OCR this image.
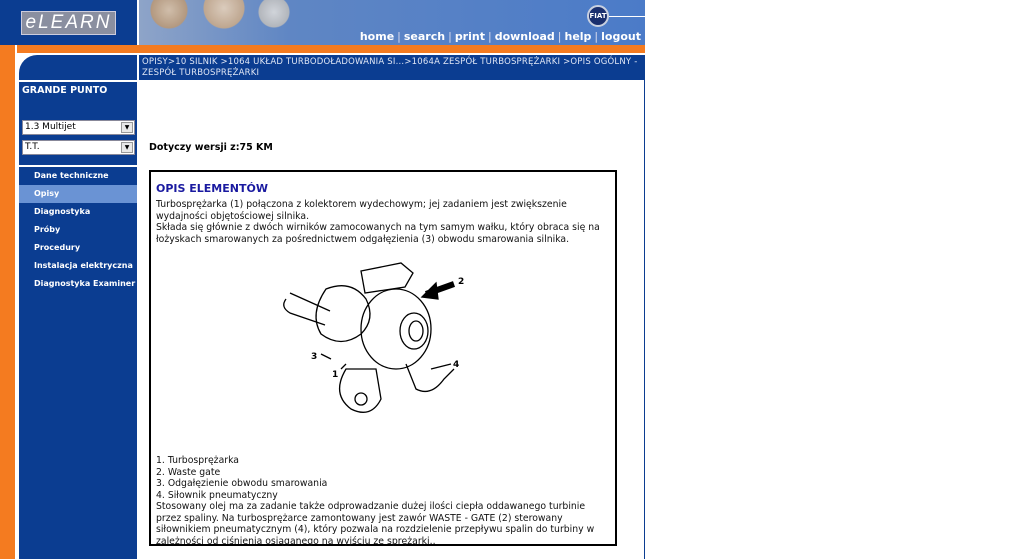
eLEARN	FIAT
home | search | print | download | help | logout
OPISY>10 SILNIK >1064 UKŁAD TURBODOŁADOWANIA SI...>1064A ZESPÓŁ TURBOSPRĘŻARKI >OPIS OGÓLNY - ZESPÓŁ TURBOSPRĘŻARKI
GRANDE PUNTO
1.3 Multijet	▼
T.T.	▼
Dane techniczne
Opisy
Diagnostyka
Próby
Procedury
Instalacja elektryczna
Diagnostyka Examiner
Dotyczy wersji z:75 KM
OPIS ELEMENTÓW

Turbosprężarka (1) połączona z kolektorem wydechowym; jej zadaniem jest zwiększenie wydajności objętościowej silnika.

Składa się głównie z dwóch wirników zamocowanych na tym samym wałku, który obraca się na łożyskach smarowanych za pośrednictwem odgałęzienia (3) obwodu smarowania silnika.

2
4
3
1
1. Turbosprężarka
2. Waste gate
3. Odgałęzienie obwodu smarowania
4. Siłownik pneumatyczny

Stosowany olej ma za zadanie także odprowadzanie dużej ilości ciepła oddawanego turbinie przez spaliny. Na turbosprężarce zamontowany jest zawór WASTE - GATE (2) sterowany siłownikiem pneumatycznym (4), który pozwala na rozdzielenie przepływu spalin do turbiny w zależności od ciśnienia osiąganego na wyjściu ze sprężarki..
